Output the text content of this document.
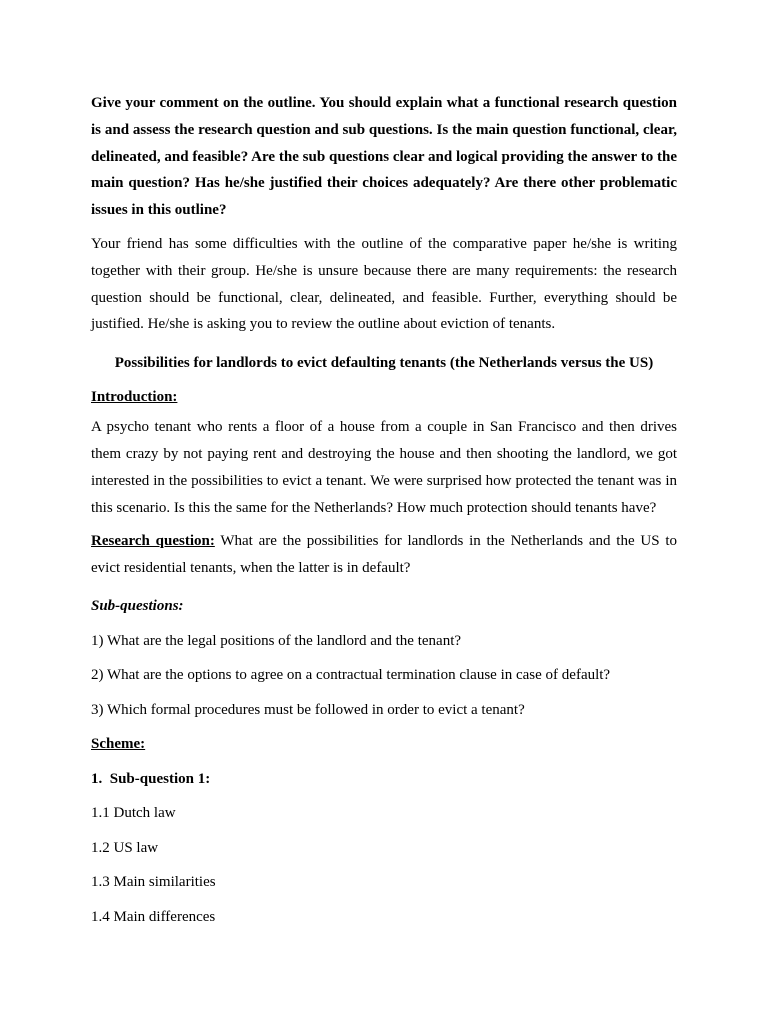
Give your comment on the outline. You should explain what a functional research question is and assess the research question and sub questions. Is the main question functional, clear, delineated, and feasible? Are the sub questions clear and logical providing the answer to the main question? Has he/she justified their choices adequately? Are there other problematic issues in this outline?

Your friend has some difficulties with the outline of the comparative paper he/she is writing together with their group. He/she is unsure because there are many requirements: the research question should be functional, clear, delineated, and feasible. Further, everything should be justified. He/she is asking you to review the outline about eviction of tenants.

Possibilities for landlords to evict defaulting tenants (the Netherlands versus the US)

Introduction:

A psycho tenant who rents a floor of a house from a couple in San Francisco and then drives them crazy by not paying rent and destroying the house and then shooting the landlord, we got interested in the possibilities to evict a tenant. We were surprised how protected the tenant was in this scenario. Is this the same for the Netherlands? How much protection should tenants have?

Research question: What are the possibilities for landlords in the Netherlands and the US to evict residential tenants, when the latter is in default?

Sub-questions:

1) What are the legal positions of the landlord and the tenant?

2) What are the options to agree on a contractual termination clause in case of default?

3) Which formal procedures must be followed in order to evict a tenant?

Scheme:

1. Sub-question 1:

1.1 Dutch law

1.2 US law

1.3 Main similarities

1.4 Main differences
